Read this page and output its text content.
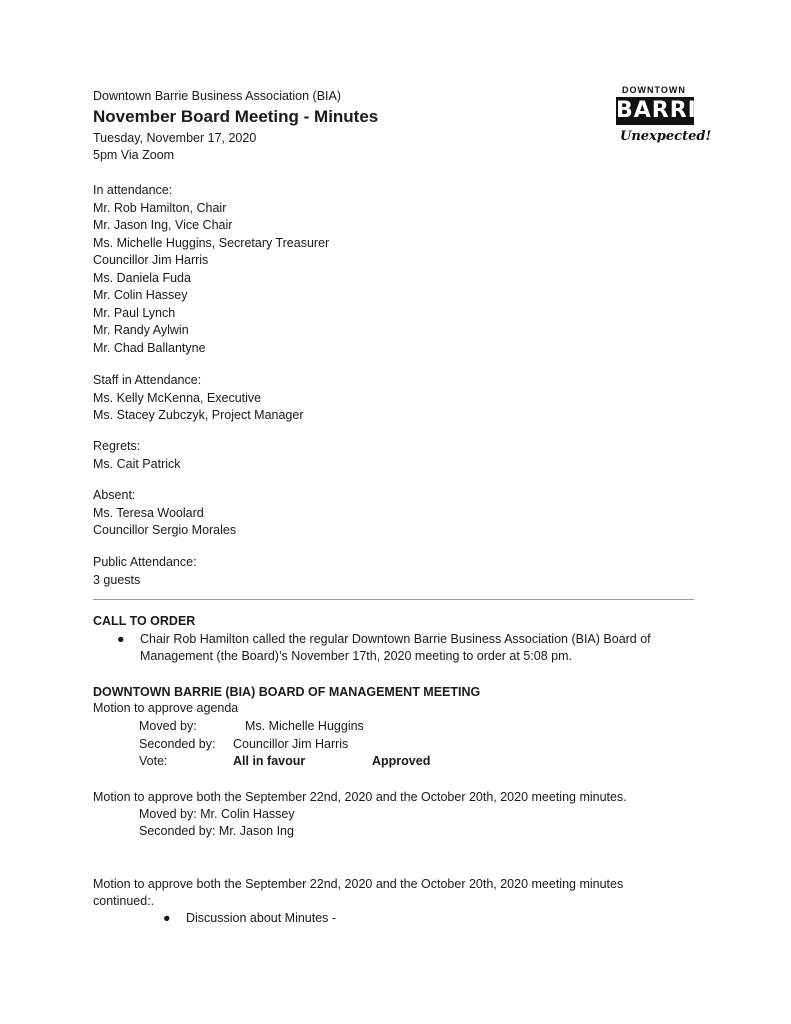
Downtown Barrie Business Association (BIA)
November Board Meeting - Minutes
Tuesday, November 17, 2020
5pm Via Zoom
DOWNTOWN
BARRIE
Unexpected!
In attendance:
Mr. Rob Hamilton, Chair
Mr. Jason Ing, Vice Chair
Ms. Michelle Huggins, Secretary Treasurer
Councillor Jim Harris
Ms. Daniela Fuda
Mr. Colin Hassey
Mr. Paul Lynch
Mr. Randy Aylwin
Mr. Chad Ballantyne
Staff in Attendance:
Ms. Kelly McKenna, Executive
Ms. Stacey Zubczyk, Project Manager
Regrets:
Ms. Cait Patrick
Absent:
Ms. Teresa Woolard
Councillor Sergio Morales
Public Attendance:
3 guests
CALL TO ORDER
● Chair Rob Hamilton called the regular Downtown Barrie Business Association (BIA) Board of
Management (the Board)’s November 17th, 2020 meeting to order at 5:08 pm.
DOWNTOWN BARRIE (BIA) BOARD OF MANAGEMENT MEETING
Motion to approve agenda
Moved by:	Ms. Michelle Huggins
Seconded by: Councillor Jim Harris
Vote:	All in favour	Approved
Motion to approve both the September 22nd, 2020 and the October 20th, 2020 meeting minutes.
Moved by: Mr. Colin Hassey
Seconded by: Mr. Jason Ing
Motion to approve both the September 22nd, 2020 and the October 20th, 2020 meeting minutes
continued:.
● Discussion about Minutes -
